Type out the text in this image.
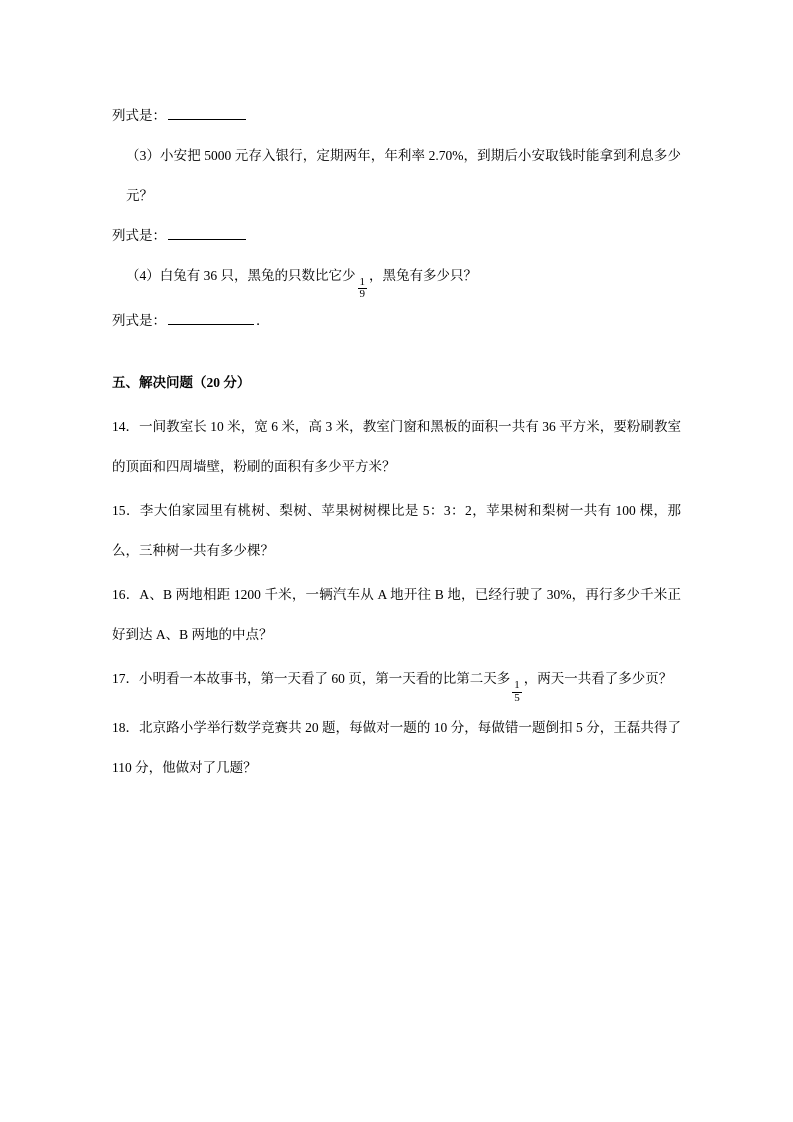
列式是：
（3）小安把 5000 元存入银行，定期两年，年利率 2.70%，到期后小安取钱时能拿到利息多少元？
列式是：
（4）白兔有 36 只，黑兔的只数比它少
$\frac{1}{9}$
，黑兔有多少只？
列式是：	．
五、解决问题（20 分）
14．一间教室长 10 米，宽 6 米，高 3 米，教室门窗和黑板的面积一共有 36 平方米，要粉刷教室的顶面和四周墙壁，粉刷的面积有多少平方米？
15．李大伯家园里有桃树、梨树、苹果树树棵比是 5：3：2，苹果树和梨树一共有 100 棵，那么，三种树一共有多少棵？
16．A、B 两地相距 1200 千米，一辆汽车从 A 地开往 B 地，已经行驶了 30%，再行多少千米正好到达 A、B 两地的中点？
17．小明看一本故事书，第一天看了 60 页，第一天看的比第二天多
$\frac{1}{5}$
，两天一共看了多少页？
18．北京路小学举行数学竞赛共 20 题，每做对一题的 10 分，每做错一题倒扣 5 分，王磊共得了 110 分，他做对了几题？
